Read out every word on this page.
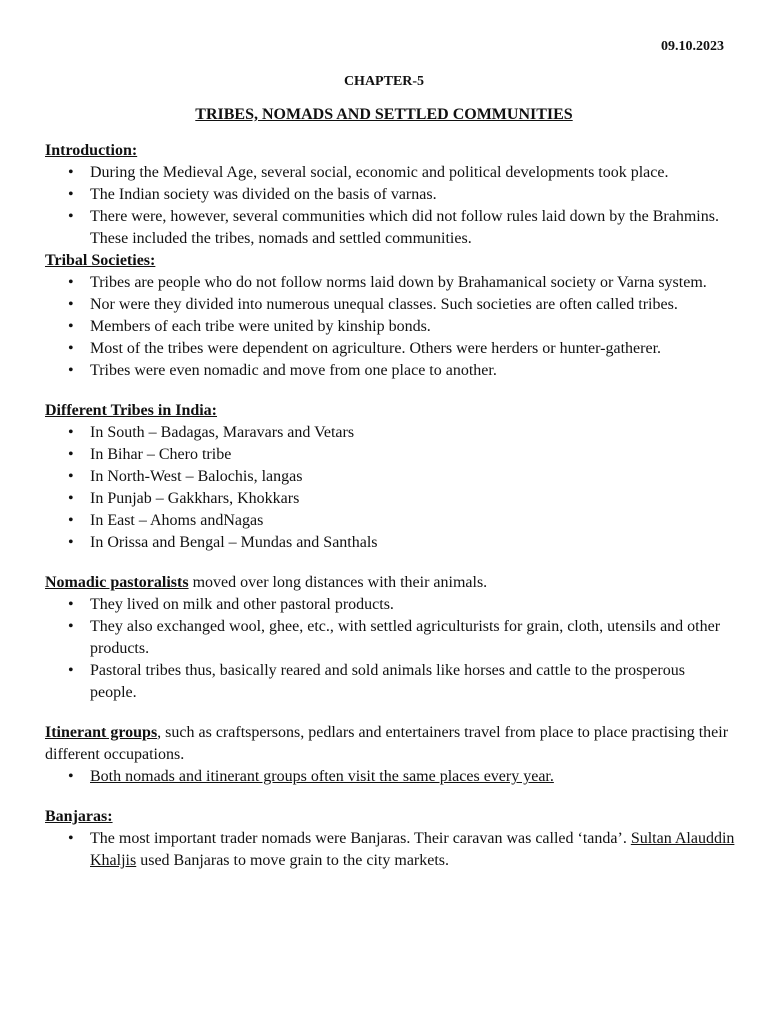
09.10.2023
CHAPTER-5
TRIBES, NOMADS AND SETTLED COMMUNITIES
Introduction:
• During the Medieval Age, several social, economic and political developments took place.
• The Indian society was divided on the basis of varnas.
• There were, however, several communities which did not follow rules laid down by the Brahmins. These included the tribes, nomads and settled communities.
Tribal Societies:
• Tribes are people who do not follow norms laid down by Brahamanical society or Varna system.
• Nor were they divided into numerous unequal classes. Such societies are often called tribes.
• Members of each tribe were united by kinship bonds.
• Most of the tribes were dependent on agriculture. Others were herders or hunter-gatherer.
• Tribes were even nomadic and move from one place to another.
Different Tribes in India:
• In South – Badagas, Maravars and Vetars
• In Bihar – Chero tribe
• In North-West – Balochis, langas
• In Punjab – Gakkhars, Khokkars
• In East – Ahoms andNagas
• In Orissa and Bengal – Mundas and Santhals

Nomadic pastoralists moved over long distances with their animals.

• They lived on milk and other pastoral products.
• They also exchanged wool, ghee, etc., with settled agriculturists for grain, cloth, utensils and other products.
• Pastoral tribes thus, basically reared and sold animals like horses and cattle to the prosperous people.

Itinerant groups, such as craftspersons, pedlars and entertainers travel from place to place practising their different occupations.

• Both nomads and itinerant groups often visit the same places every year.
Banjaras:
• The most important trader nomads were Banjaras. Their caravan was called ‘tanda’. Sultan Alauddin Khaljis used Banjaras to move grain to the city markets.
